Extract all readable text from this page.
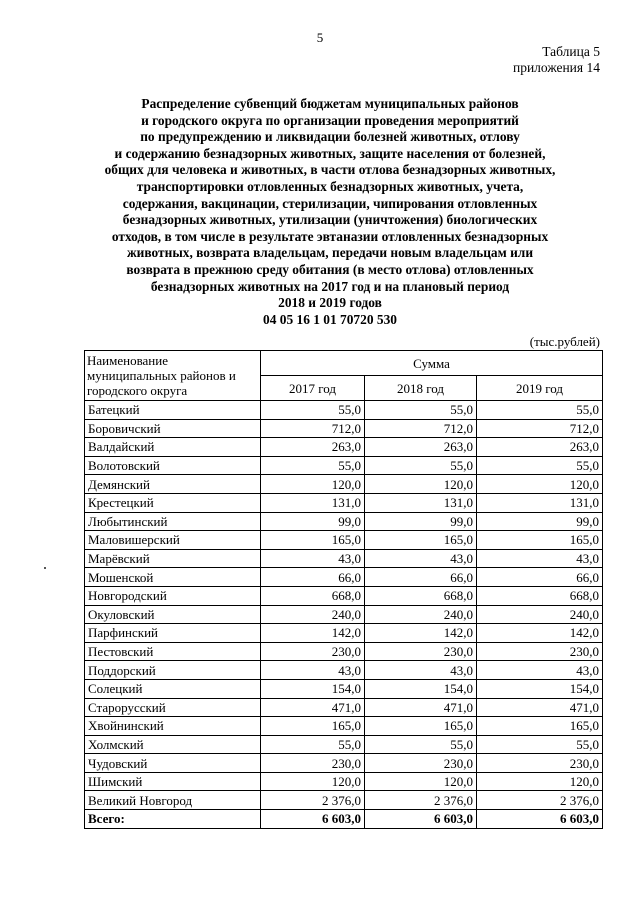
5
Таблица 5
приложения 14
Распределение субвенций бюджетам муниципальных районов
и городского округа по организации проведения мероприятий
по предупреждению и ликвидации болезней животных, отлову
и содержанию безнадзорных животных, защите населения от болезней,
общих для человека и животных, в части отлова безнадзорных животных,
транспортировки отловленных безнадзорных животных, учета,
содержания, вакцинации, стерилизации, чипирования отловленных
безнадзорных животных, утилизации (уничтожения) биологических
отходов, в том числе в результате эвтаназии отловленных безнадзорных
животных, возврата владельцам, передачи новым владельцам или
возврата в прежнюю среду обитания (в место отлова) отловленных
безнадзорных животных на 2017 год и на плановый период
2018 и 2019 годов
04 05 16 1 01 70720 530
(тыс.рублей)
Наименование муниципальных районов и городского округа	Сумма		
	2017 год	2018 год	2019 год
Батецкий	55,0	55,0	55,0
Боровичский	712,0	712,0	712,0
Валдайский	263,0	263,0	263,0
Волотовский	55,0	55,0	55,0
Демянский	120,0	120,0	120,0
Крестецкий	131,0	131,0	131,0
Любытинский	99,0	99,0	99,0
Маловишерский	165,0	165,0	165,0
Марёвский	43,0	43,0	43,0
Мошенской	66,0	66,0	66,0
Новгородский	668,0	668,0	668,0
Окуловский	240,0	240,0	240,0
Парфинский	142,0	142,0	142,0
Пестовский	230,0	230,0	230,0
Поддорский	43,0	43,0	43,0
Солецкий	154,0	154,0	154,0
Старорусский	471,0	471,0	471,0
Хвойнинский	165,0	165,0	165,0
Холмский	55,0	55,0	55,0
Чудовский	230,0	230,0	230,0
Шимский	120,0	120,0	120,0
Великий Новгород	2 376,0	2 376,0	2 376,0
Всего:	6 603,0	6 603,0	6 603,0
